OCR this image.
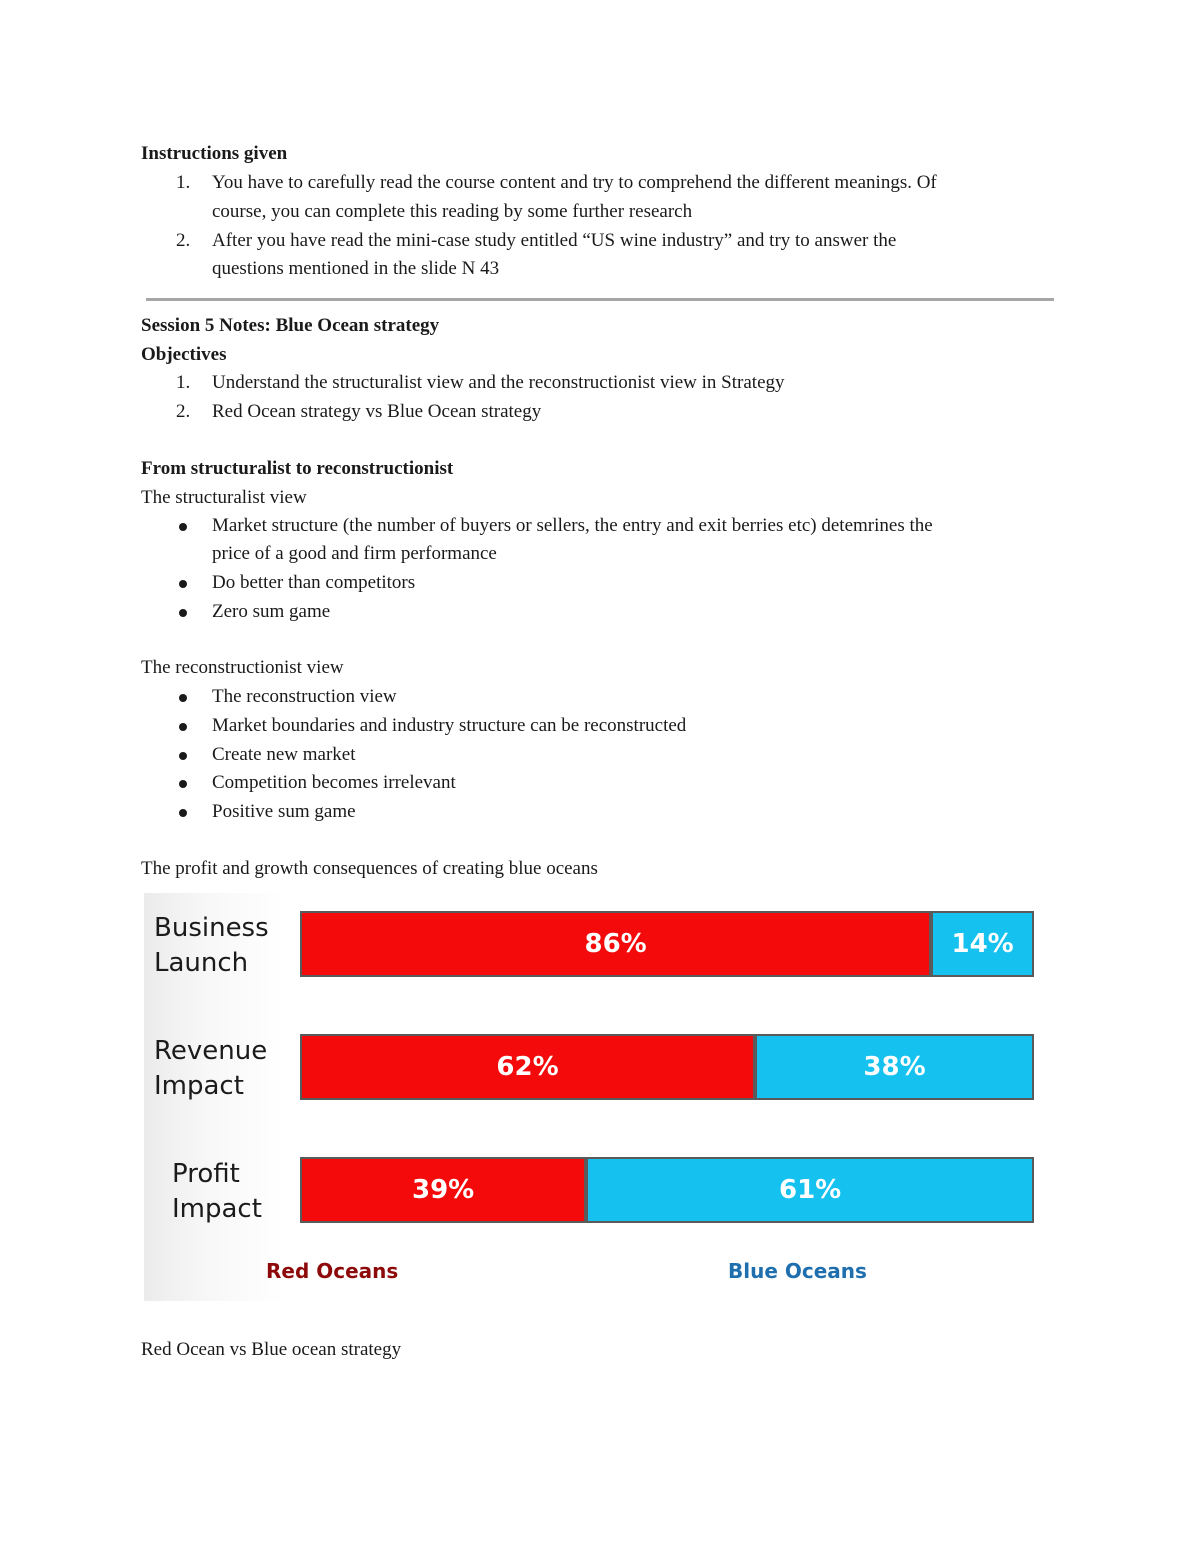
Instructions given
1. You have to carefully read the course content and try to comprehend the different meanings. Of
course, you can complete this reading by some further research
2. After you have read the mini-case study entitled “US wine industry” and try to answer the
questions mentioned in the slide N 43
Session 5 Notes: Blue Ocean strategy
Objectives
1. Understand the structuralist view and the reconstructionist view in Strategy
2. Red Ocean strategy vs Blue Ocean strategy
From structuralist to reconstructionist
The structuralist view
Market structure (the number of buyers or sellers, the entry and exit berries etc) detemrines the
price of a good and firm performance
Do better than competitors
Zero sum game
The reconstructionist view
The reconstruction view
Market boundaries and industry structure can be reconstructed
Create new market
Competition becomes irrelevant
Positive sum game
The profit and growth consequences of creating blue oceans
Business
Launch
86%	14%
Revenue
Impact
62%	38%
Profit
Impact
39%	61%
Red Oceans	Blue Oceans
Red Ocean vs Blue ocean strategy
